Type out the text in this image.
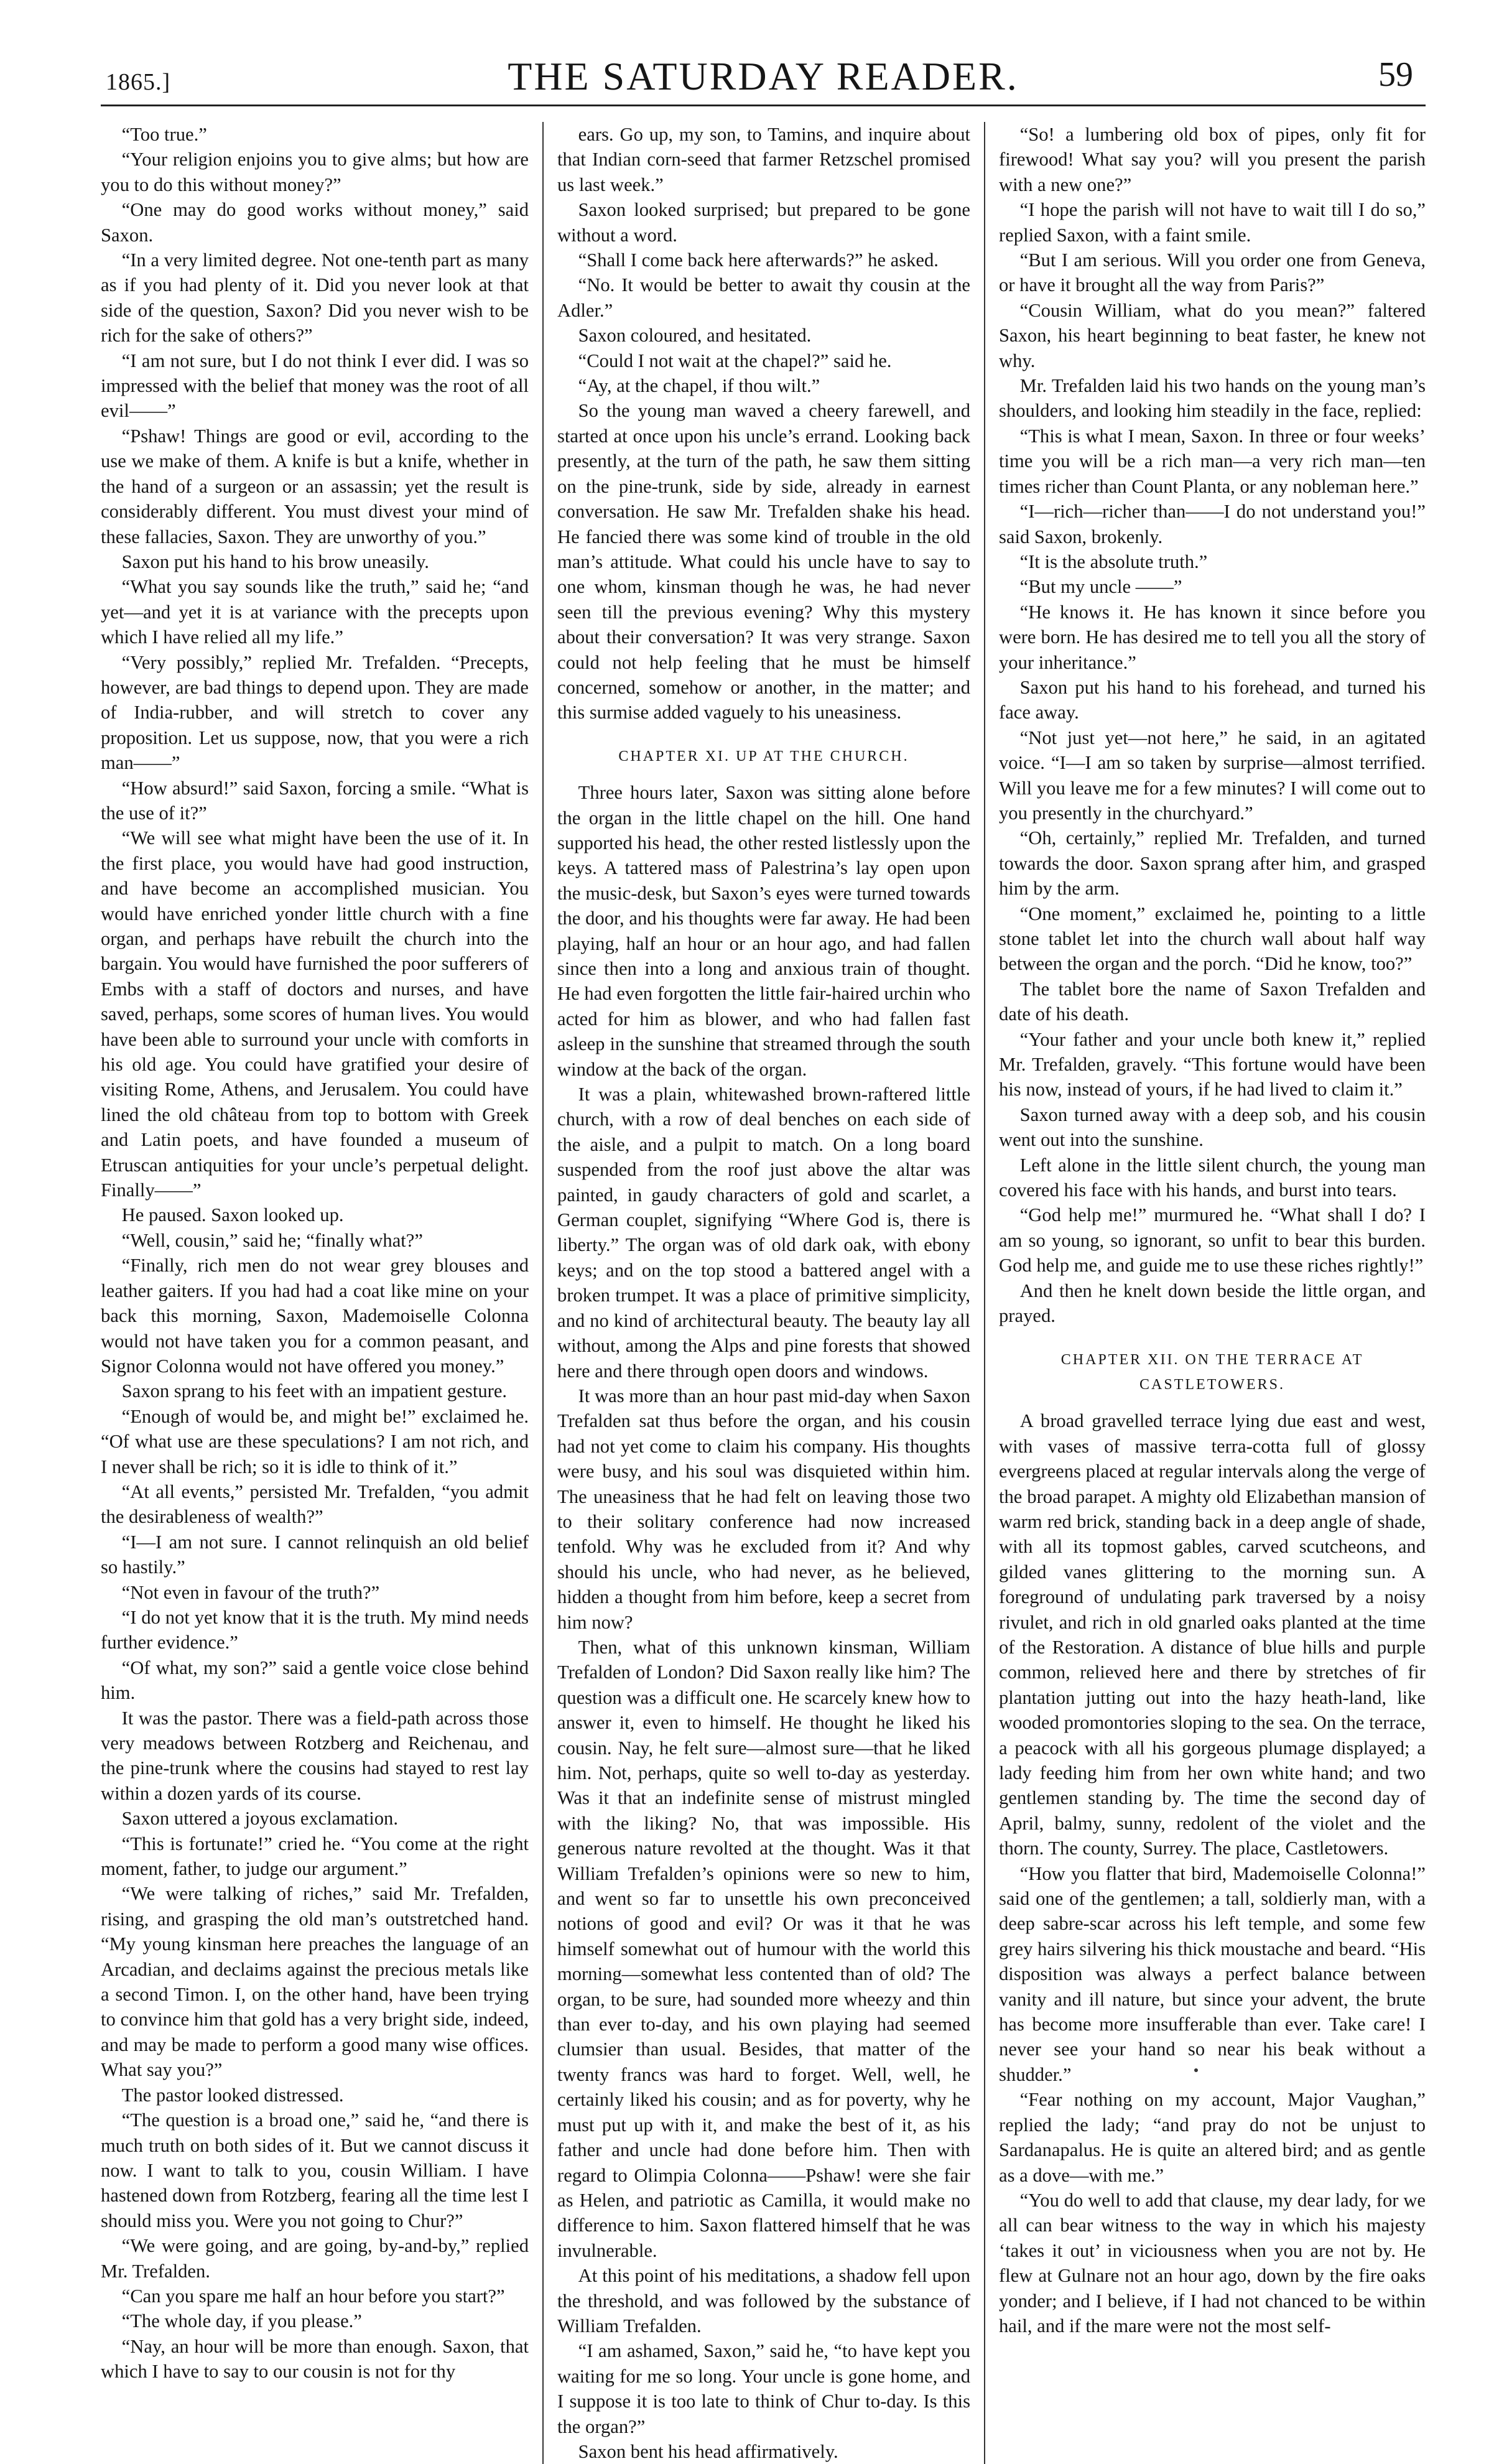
1865.]	THE SATURDAY READER.	59

“Too true.”

“Your religion enjoins you to give alms; but how are you to do this without money?”

“One may do good works without money,” said Saxon.

“In a very limited degree. Not one-tenth part as many as if you had plenty of it. Did you never look at that side of the question, Saxon? Did you never wish to be rich for the sake of others?”

“I am not sure, but I do not think I ever did. I was so impressed with the belief that money was the root of all evil——”

“Pshaw! Things are good or evil, according to the use we make of them. A knife is but a knife, whether in the hand of a surgeon or an assassin; yet the result is considerably different. You must divest your mind of these fallacies, Saxon. They are unworthy of you.”

Saxon put his hand to his brow uneasily.

“What you say sounds like the truth,” said he; “and yet—and yet it is at variance with the precepts upon which I have relied all my life.”

“Very possibly,” replied Mr. Trefalden. “Precepts, however, are bad things to depend upon. They are made of India-rubber, and will stretch to cover any proposition. Let us suppose, now, that you were a rich man——”

“How absurd!” said Saxon, forcing a smile. “What is the use of it?”

“We will see what might have been the use of it. In the first place, you would have had good instruction, and have become an accomplished musician. You would have enriched yonder little church with a fine organ, and perhaps have rebuilt the church into the bargain. You would have furnished the poor sufferers of Embs with a staff of doctors and nurses, and have saved, perhaps, some scores of human lives. You would have been able to surround your uncle with comforts in his old age. You could have gratified your desire of visiting Rome, Athens, and Jerusalem. You could have lined the old château from top to bottom with Greek and Latin poets, and have founded a museum of Etruscan antiquities for your uncle’s perpetual delight. Finally——”

He paused. Saxon looked up.

“Well, cousin,” said he; “finally what?”

“Finally, rich men do not wear grey blouses and leather gaiters. If you had had a coat like mine on your back this morning, Saxon, Mademoiselle Colonna would not have taken you for a common peasant, and Signor Colonna would not have offered you money.”

Saxon sprang to his feet with an impatient gesture.

“Enough of would be, and might be!” exclaimed he. “Of what use are these speculations? I am not rich, and I never shall be rich; so it is idle to think of it.”

“At all events,” persisted Mr. Trefalden, “you admit the desirableness of wealth?”

“I—I am not sure. I cannot relinquish an old belief so hastily.”

“Not even in favour of the truth?”

“I do not yet know that it is the truth. My mind needs further evidence.”

“Of what, my son?” said a gentle voice close behind him.

It was the pastor. There was a field-path across those very meadows between Rotzberg and Reichenau, and the pine-trunk where the cousins had stayed to rest lay within a dozen yards of its course.

Saxon uttered a joyous exclamation.

“This is fortunate!” cried he. “You come at the right moment, father, to judge our argument.”

“We were talking of riches,” said Mr. Trefalden, rising, and grasping the old man’s outstretched hand. “My young kinsman here preaches the language of an Arcadian, and declaims against the precious metals like a second Timon. I, on the other hand, have been trying to convince him that gold has a very bright side, indeed, and may be made to perform a good many wise offices. What say you?”

The pastor looked distressed.

“The question is a broad one,” said he, “and there is much truth on both sides of it. But we cannot discuss it now. I want to talk to you, cousin William. I have hastened down from Rotzberg, fearing all the time lest I should miss you. Were you not going to Chur?”

“We were going, and are going, by-and-by,” replied Mr. Trefalden.

“Can you spare me half an hour before you start?”

“The whole day, if you please.”

“Nay, an hour will be more than enough. Saxon, that which I have to say to our cousin is not for thy

ears. Go up, my son, to Tamins, and inquire about that Indian corn-seed that farmer Retzschel promised us last week.”

Saxon looked surprised; but prepared to be gone without a word.

“Shall I come back here afterwards?” he asked.

“No. It would be better to await thy cousin at the Adler.”

Saxon coloured, and hesitated.

“Could I not wait at the chapel?” said he.

“Ay, at the chapel, if thou wilt.”

So the young man waved a cheery farewell, and started at once upon his uncle’s errand. Looking back presently, at the turn of the path, he saw them sitting on the pine-trunk, side by side, already in earnest conversation. He saw Mr. Trefalden shake his head. He fancied there was some kind of trouble in the old man’s attitude. What could his uncle have to say to one whom, kinsman though he was, he had never seen till the previous evening? Why this mystery about their conversation? It was very strange. Saxon could not help feeling that he must be himself concerned, somehow or another, in the matter; and this surmise added vaguely to his uneasiness.

CHAPTER XI. UP AT THE CHURCH.

Three hours later, Saxon was sitting alone before the organ in the little chapel on the hill. One hand supported his head, the other rested listlessly upon the keys. A tattered mass of Palestrina’s lay open upon the music-desk, but Saxon’s eyes were turned towards the door, and his thoughts were far away. He had been playing, half an hour or an hour ago, and had fallen since then into a long and anxious train of thought. He had even forgotten the little fair-haired urchin who acted for him as blower, and who had fallen fast asleep in the sunshine that streamed through the south window at the back of the organ.

It was a plain, whitewashed brown-raftered little church, with a row of deal benches on each side of the aisle, and a pulpit to match. On a long board suspended from the roof just above the altar was painted, in gaudy characters of gold and scarlet, a German couplet, signifying “Where God is, there is liberty.” The organ was of old dark oak, with ebony keys; and on the top stood a battered angel with a broken trumpet. It was a place of primitive simplicity, and no kind of architectural beauty. The beauty lay all without, among the Alps and pine forests that showed here and there through open doors and windows.

It was more than an hour past mid-day when Saxon Trefalden sat thus before the organ, and his cousin had not yet come to claim his company. His thoughts were busy, and his soul was disquieted within him. The uneasiness that he had felt on leaving those two to their solitary conference had now increased tenfold. Why was he excluded from it? And why should his uncle, who had never, as he believed, hidden a thought from him before, keep a secret from him now?

Then, what of this unknown kinsman, William Trefalden of London? Did Saxon really like him? The question was a difficult one. He scarcely knew how to answer it, even to himself. He thought he liked his cousin. Nay, he felt sure—almost sure—that he liked him. Not, perhaps, quite so well to-day as yesterday. Was it that an indefinite sense of mistrust mingled with the liking? No, that was impossible. His generous nature revolted at the thought. Was it that William Trefalden’s opinions were so new to him, and went so far to unsettle his own preconceived notions of good and evil? Or was it that he was himself somewhat out of humour with the world this morning—somewhat less contented than of old? The organ, to be sure, had sounded more wheezy and thin than ever to-day, and his own playing had seemed clumsier than usual. Besides, that matter of the twenty francs was hard to forget. Well, well, he certainly liked his cousin; and as for poverty, why he must put up with it, and make the best of it, as his father and uncle had done before him. Then with regard to Olimpia Colonna——Pshaw! were she fair as Helen, and patriotic as Camilla, it would make no difference to him. Saxon flattered himself that he was invulnerable.

At this point of his meditations, a shadow fell upon the threshold, and was followed by the substance of William Trefalden.

“I am ashamed, Saxon,” said he, “to have kept you waiting for me so long. Your uncle is gone home, and I suppose it is too late to think of Chur to-day. Is this the organ?”

Saxon bent his head affirmatively.

“So! a lumbering old box of pipes, only fit for firewood! What say you? will you present the parish with a new one?”

“I hope the parish will not have to wait till I do so,” replied Saxon, with a faint smile.

“But I am serious. Will you order one from Geneva, or have it brought all the way from Paris?”

“Cousin William, what do you mean?” faltered Saxon, his heart beginning to beat faster, he knew not why.

Mr. Trefalden laid his two hands on the young man’s shoulders, and looking him steadily in the face, replied:

“This is what I mean, Saxon. In three or four weeks’ time you will be a rich man—a very rich man—ten times richer than Count Planta, or any nobleman here.”

“I—rich—richer than——I do not understand you!” said Saxon, brokenly.

“It is the absolute truth.”

“But my uncle ——”

“He knows it. He has known it since before you were born. He has desired me to tell you all the story of your inheritance.”

Saxon put his hand to his forehead, and turned his face away.

“Not just yet—not here,” he said, in an agitated voice. “I—I am so taken by surprise—almost terrified. Will you leave me for a few minutes? I will come out to you presently in the churchyard.”

“Oh, certainly,” replied Mr. Trefalden, and turned towards the door. Saxon sprang after him, and grasped him by the arm.

“One moment,” exclaimed he, pointing to a little stone tablet let into the church wall about half way between the organ and the porch. “Did he know, too?”

The tablet bore the name of Saxon Trefalden and date of his death.

“Your father and your uncle both knew it,” replied Mr. Trefalden, gravely. “This fortune would have been his now, instead of yours, if he had lived to claim it.”

Saxon turned away with a deep sob, and his cousin went out into the sunshine.

Left alone in the little silent church, the young man covered his face with his hands, and burst into tears.

“God help me!” murmured he. “What shall I do? I am so young, so ignorant, so unfit to bear this burden. God help me, and guide me to use these riches rightly!”

And then he knelt down beside the little organ, and prayed.

CHAPTER XII. ON THE TERRACE AT CASTLETOWERS.

A broad gravelled terrace lying due east and west, with vases of massive terra-cotta full of glossy evergreens placed at regular intervals along the verge of the broad parapet. A mighty old Elizabethan mansion of warm red brick, standing back in a deep angle of shade, with all its topmost gables, carved scutcheons, and gilded vanes glittering to the morning sun. A foreground of undulating park traversed by a noisy rivulet, and rich in old gnarled oaks planted at the time of the Restoration. A distance of blue hills and purple common, relieved here and there by stretches of fir plantation jutting out into the hazy heath-land, like wooded promontories sloping to the sea. On the terrace, a peacock with all his gorgeous plumage displayed; a lady feeding him from her own white hand; and two gentlemen standing by. The time the second day of April, balmy, sunny, redolent of the violet and the thorn. The county, Surrey. The place, Castletowers.

“How you flatter that bird, Mademoiselle Colonna!” said one of the gentlemen; a tall, soldierly man, with a deep sabre-scar across his left temple, and some few grey hairs silvering his thick moustache and beard. “His disposition was always a perfect balance between vanity and ill nature, but since your advent, the brute has become more insufferable than ever. Take care! I never see your hand so near his beak without a shudder.”

“Fear nothing on my account, Major Vaughan,” replied the lady; “and pray do not be unjust to Sardanapalus. He is quite an altered bird; and as gentle as a dove—with me.”

“You do well to add that clause, my dear lady, for we all can bear witness to the way in which his majesty ‘takes it out’ in viciousness when you are not by. He flew at Gulnare not an hour ago, down by the fire oaks yonder; and I believe, if I had not chanced to be within hail, and if the mare were not the most self-
